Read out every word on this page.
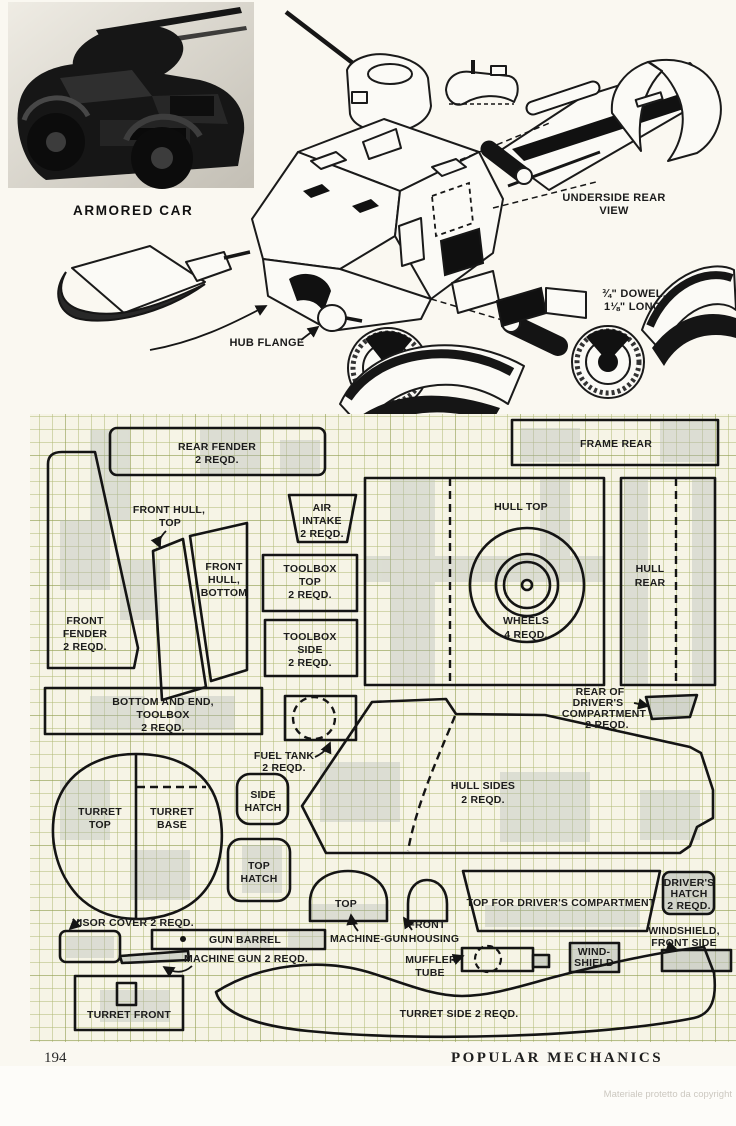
ARMORED CAR
UNDERSIDE REAR
VIEW
¾" DOWEL,
1⅛" LONG
HUB FLANGE
REAR FENDER
2 REQD.
FRAME REAR
FRONT
FENDER
2 REQD.
FRONT HULL,
TOP
FRONT
HULL,
BOTTOM
AIR
INTAKE
2 REQD.
TOOLBOX
TOP
2 REQD.
TOOLBOX
SIDE
2 REQD.
HULL TOP
WHEELS
4 REQD.
HULL
REAR
BOTTOM AND END,
TOOLBOX
2 REQD.
FUEL TANK
2 REQD.
TURRET
TOP
TURRET
BASE
SIDE
HATCH
TOP
HATCH
HULL SIDES
2 REQD.
REAR OF
DRIVER'S
COMPARTMENT
2 REQD.
TOP
MACHINE-GUN
FRONT
HOUSING
TOP FOR DRIVER'S COMPARTMENT
DRIVER'S
HATCH
2 REQD.
WINDSHIELD,
FRONT SIDE
WIND-
SHIELD
MUFFLER
TUBE
VISOR COVER 2 REQD.
GUN BARREL
MACHINE GUN 2 REQD.
TURRET FRONT	TURRET SIDE 2 REQD.
194	POPULAR MECHANICS
Materiale protetto da copyright
